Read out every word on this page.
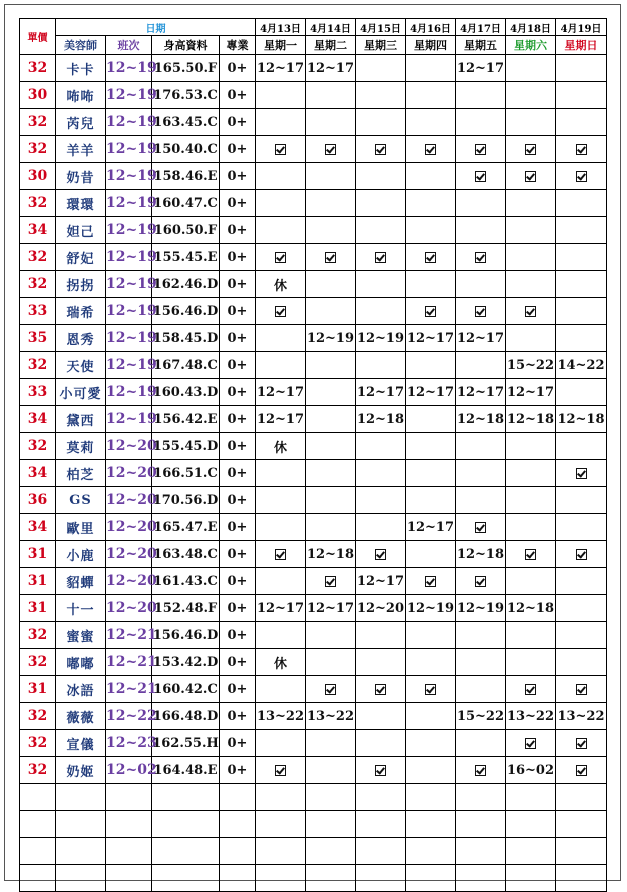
單價	日期				4月13日	4月14日	4月15日	4月16日	4月17日	4月18日	4月19日
	美容師	班次	身高資料	專業	星期一	星期二	星期三	星期四	星期五	星期六	星期日
32	卡卡	12~19	165.50.F	0+	12~17	12~17			12~17		
30	咘咘	12~19	176.53.C	0+							
32	芮兒	12~19	163.45.C	0+							
32	羊羊	12~19	150.40.C	0+							
30	奶昔	12~19	158.46.E	0+							
32	環環	12~19	160.47.C	0+							
34	妲己	12~19	160.50.F	0+							
32	舒妃	12~19	155.45.E	0+							
32	拐拐	12~19	162.46.D	0+	休						
33	瑞希	12~19	156.46.D	0+							
35	恩秀	12~19	158.45.D	0+		12~19	12~19	12~17	12~17		
32	天使	12~19	167.48.C	0+						15~22	14~22
33	小可愛	12~19	160.43.D	0+	12~17		12~17	12~17	12~17	12~17	
34	黛西	12~19	156.42.E	0+	12~17		12~18		12~18	12~18	12~18
32	莫莉	12~20	155.45.D	0+	休						
34	柏芝	12~20	166.51.C	0+							
36	GS	12~20	170.56.D	0+							
34	歐里	12~20	165.47.E	0+				12~17			
31	小鹿	12~20	163.48.C	0+		12~18			12~18		
31	貂蟬	12~20	161.43.C	0+			12~17				
31	十一	12~20	152.48.F	0+	12~17	12~17	12~20	12~19	12~19	12~18	
32	蜜蜜	12~21	156.46.D	0+							
32	嘟嘟	12~21	153.42.D	0+	休						
31	冰語	12~21	160.42.C	0+							
32	薇薇	12~22	166.48.D	0+	13~22	13~22			15~22	13~22	13~22
32	宣儀	12~23	162.55.H	0+							
32	奶姬	12~02	164.48.E	0+						16~02	
